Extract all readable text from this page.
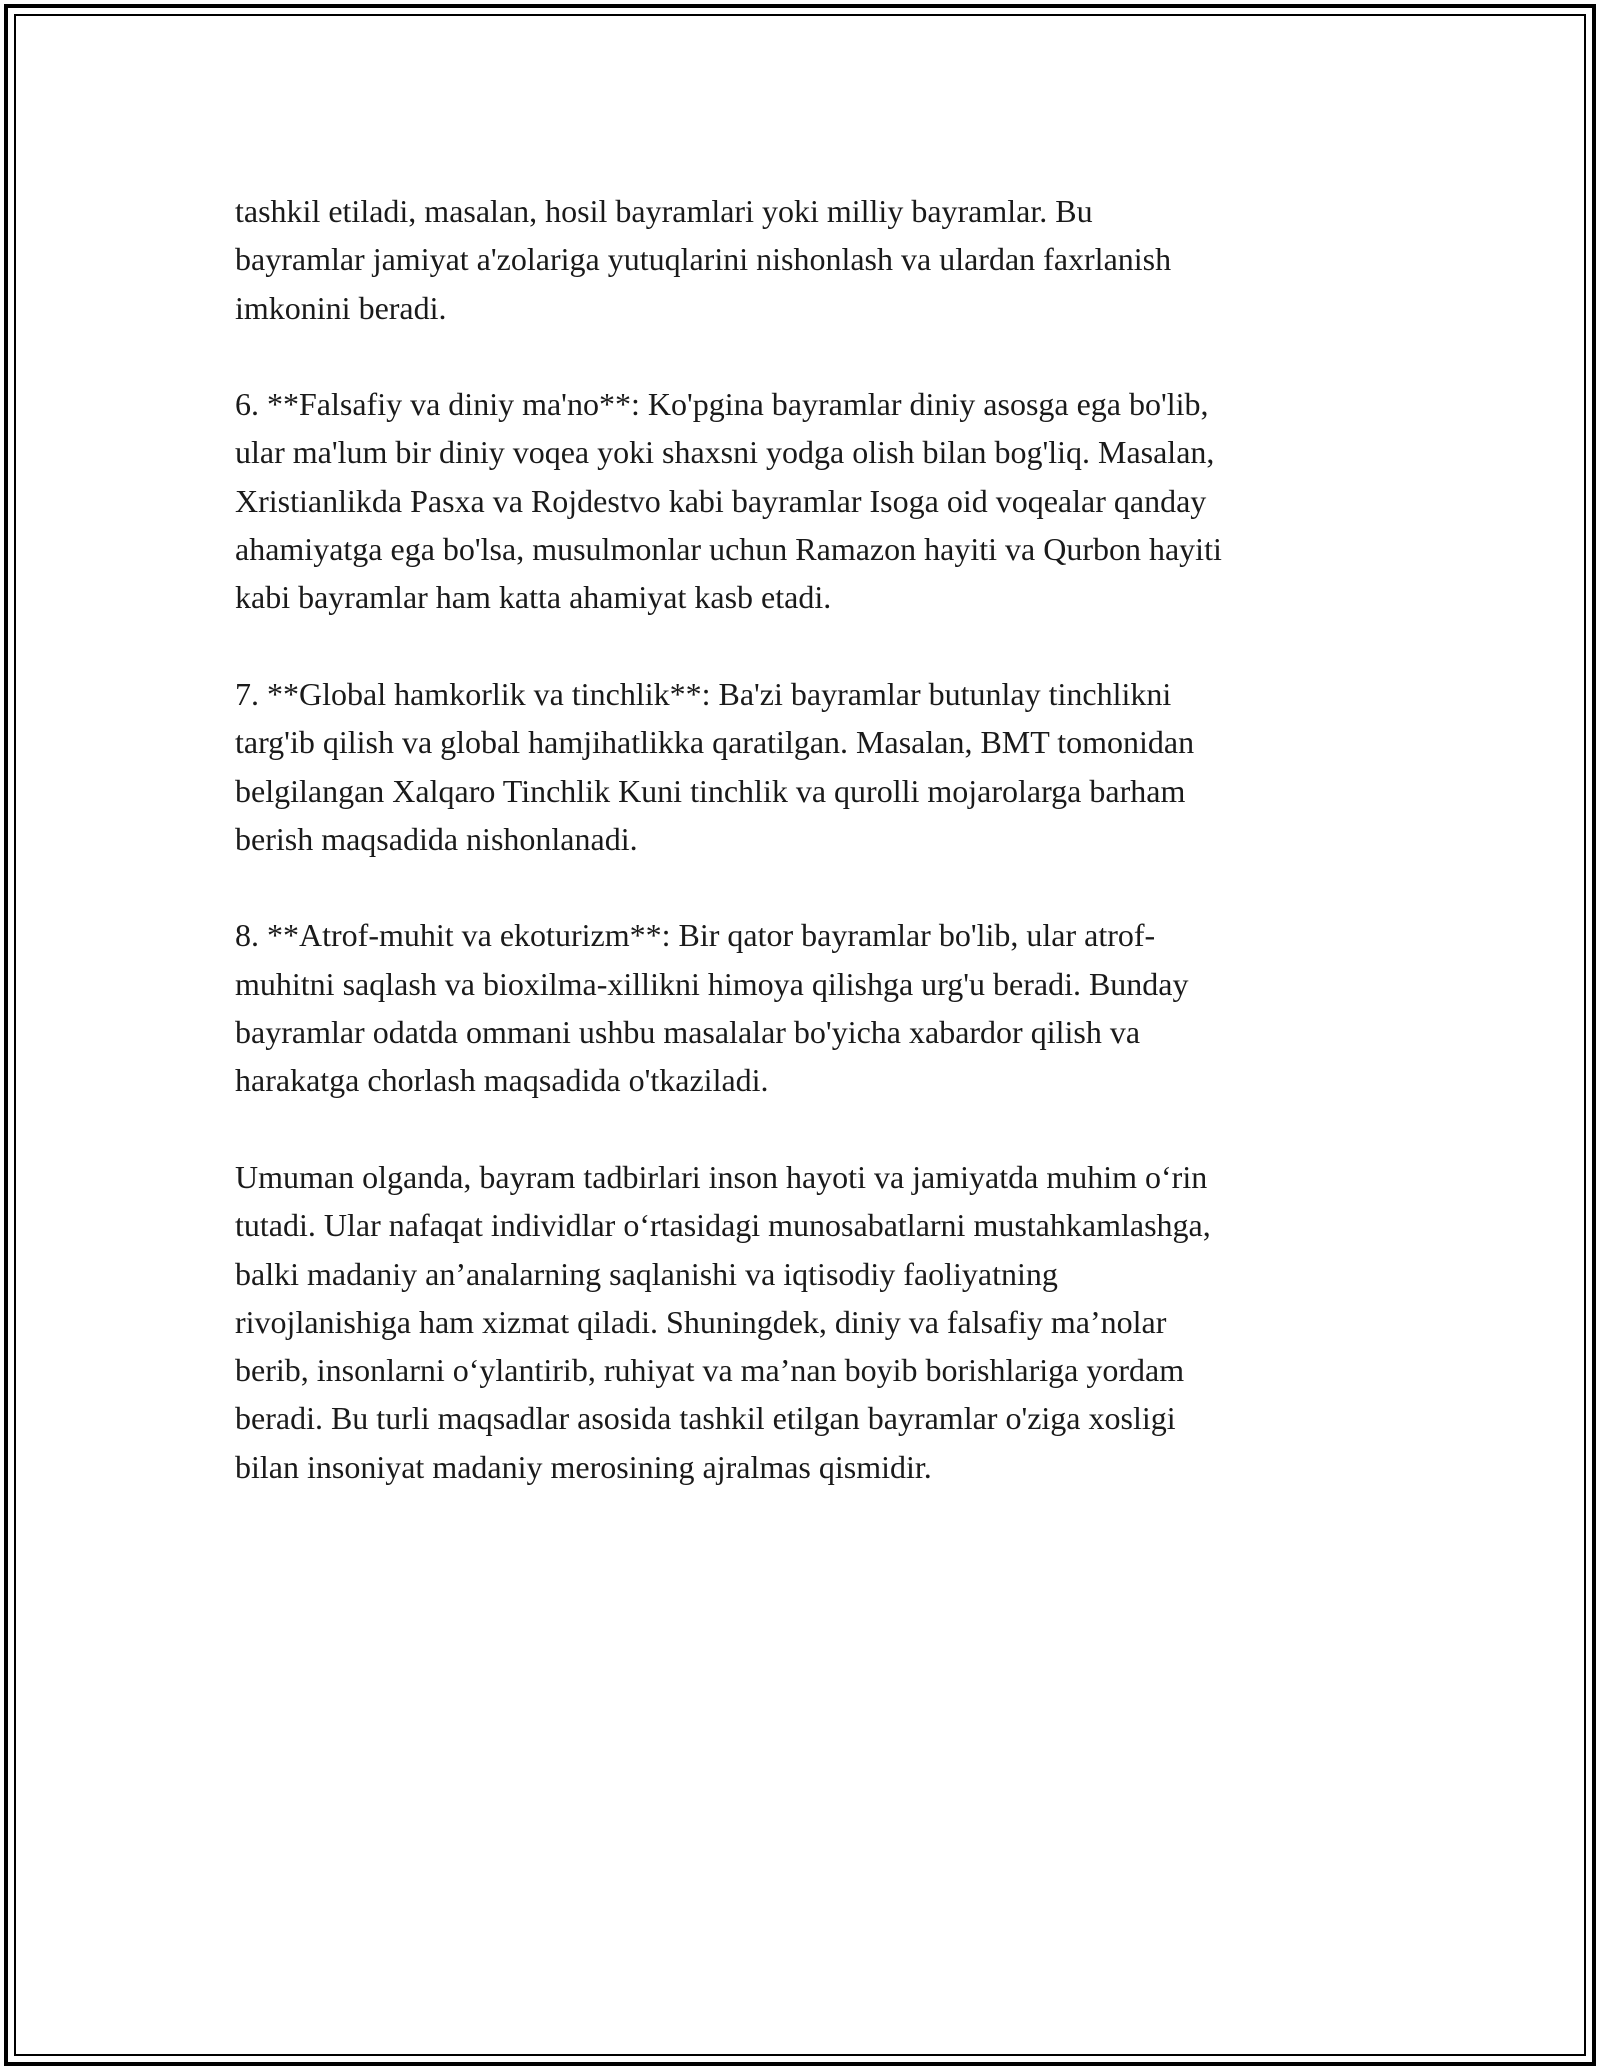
tashkil etiladi, masalan, hosil bayramlari yoki milliy bayramlar. Bu
bayramlar jamiyat a'zolariga yutuqlarini nishonlash va ulardan faxrlanish
imkonini beradi.
6. **Falsafiy va diniy ma'no**: Ko'pgina bayramlar diniy asosga ega bo'lib,
ular ma'lum bir diniy voqea yoki shaxsni yodga olish bilan bog'liq. Masalan,
Xristianlikda Pasxa va Rojdestvo kabi bayramlar Isoga oid voqealar qanday
ahamiyatga ega bo'lsa, musulmonlar uchun Ramazon hayiti va Qurbon hayiti
kabi bayramlar ham katta ahamiyat kasb etadi.
7. **Global hamkorlik va tinchlik**: Ba'zi bayramlar butunlay tinchlikni
targ'ib qilish va global hamjihatlikka qaratilgan. Masalan, BMT tomonidan
belgilangan Xalqaro Tinchlik Kuni tinchlik va qurolli mojarolarga barham
berish maqsadida nishonlanadi.
8. **Atrof-muhit va ekoturizm**: Bir qator bayramlar bo'lib, ular atrof-
muhitni saqlash va bioxilma-xillikni himoya qilishga urg'u beradi. Bunday
bayramlar odatda ommani ushbu masalalar bo'yicha xabardor qilish va
harakatga chorlash maqsadida o'tkaziladi.
Umuman olganda, bayram tadbirlari inson hayoti va jamiyatda muhim o‘rin
tutadi. Ular nafaqat individlar o‘rtasidagi munosabatlarni mustahkamlashga,
balki madaniy an’analarning saqlanishi va iqtisodiy faoliyatning
rivojlanishiga ham xizmat qiladi. Shuningdek, diniy va falsafiy ma’nolar
berib, insonlarni o‘ylantirib, ruhiyat va ma’nan boyib borishlariga yordam
beradi. Bu turli maqsadlar asosida tashkil etilgan bayramlar o'ziga xosligi
bilan insoniyat madaniy merosining ajralmas qismidir.
